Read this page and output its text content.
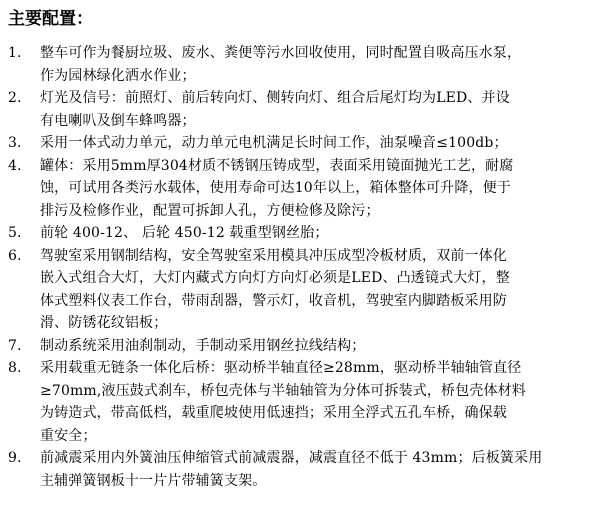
主要配置：
1.	整车可作为餐厨垃圾、废水、粪便等污水回收使用，同时配置自吸高压水泵，
作为园林绿化洒水作业；
2.	灯光及信号：前照灯、前后转向灯、侧转向灯、组合后尾灯均为LED、并设
有电喇叭及倒车蜂鸣器；
3.	采用一体式动力单元，动力单元电机满足长时间工作，油泵噪音≤100db；
4.	罐体：采用5mm厚304材质不锈钢压铸成型，表面采用镜面抛光工艺，耐腐
蚀，可试用各类污水载体，使用寿命可达10年以上，箱体整体可升降，便于
排污及检修作业，配置可拆卸人孔，方便检修及除污；
5.	前轮 400-12、 后轮 450-12 载重型钢丝胎；
6.	驾驶室采用钢制结构，安全驾驶室采用模具冲压成型冷板材质，双前一体化
嵌入式组合大灯，大灯内藏式方向灯方向灯必须是LED、凸透镜式大灯，整
体式塑料仪表工作台，带雨刮器，警示灯，收音机，驾驶室内脚踏板采用防
滑、防锈花纹铝板；
7.	制动系统采用油刹制动，手制动采用钢丝拉线结构；
8.	采用载重无链条一体化后桥：驱动桥半轴直径≥28mm，驱动桥半轴轴管直径
≥70mm,液压鼓式刹车，桥包壳体与半轴轴管为分体可拆装式，桥包壳体材料
为铸造式，带高低档，载重爬坡使用低速挡；采用全浮式五孔车桥，确保载
重安全；
9.	前减震采用内外簧油压伸缩管式前减震器，减震直径不低于 43mm；后板簧采用
主辅弹簧钢板十一片片带辅簧支架。
